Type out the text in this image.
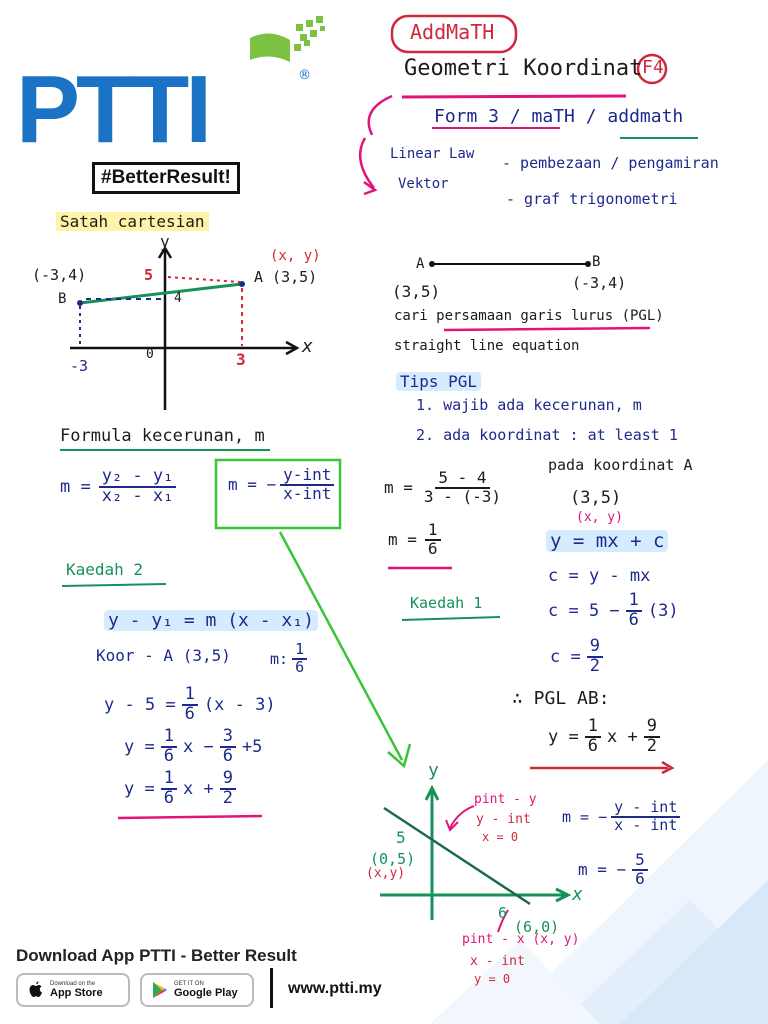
PTTI	®
#BetterResult!
AddMaTH
Geometri Koordinat F4
Form 3 / maTH / addmath
Linear Law
Vektor
- pembezaan / pengamiran
- graf trigonometri
Satah cartesian
y
x
(x, y)
(-3,4)
B
A (3,5)
5
4
-3
0	3
Formula kecerunan, m
$m = \frac{\text{y₂ - y₁}}{\text{x₂ - x₁}}$	m = − $\frac{\text{y-int}}{\text{x-int}}$
Kaedah 2
y - y₁ = m (x - x₁)
Koor - A (3,5)	m: $\frac{1}{6}$
$y - 5 = \frac{1}{6} (x - 3)$
$y = \frac{1}{6}$ $x - \frac{3}{6} +5$
$y = \frac{1}{6}$ $x + \frac{9}{2}$
A	B
(3,5)	(-3,4)
cari persamaan garis lurus (PGL)
straight line equation
Tips PGL
1. wajib ada kecerunan, m
2. ada koordinat : at least 1
$m = \frac{5 - 4}{3 - (-3)}$
$m = \frac{1}{6}$
Kaedah 1
pada koordinat A
(3,5)
(x, y)
y = mx + c
c = y - mx
$c = 5 - \frac{1}{6} (3)$
$c = \frac{9}{2}$
∴ PGL AB:
$y = \frac{1}{6}$ $x + \frac{9}{2}$
y
x
5
(0,5)
(x,y)
6
(6,0)
pint - y
y - int
x = 0
pint - x (x, y)
x - int
y = 0
m = − $\frac{\text{y - int}}{\text{x - int}}$
m = − $\frac{5}{6}$
Download App PTTI - Better Result
Download on the
App Store
GET IT ON
Google Play	www.ptti.my
